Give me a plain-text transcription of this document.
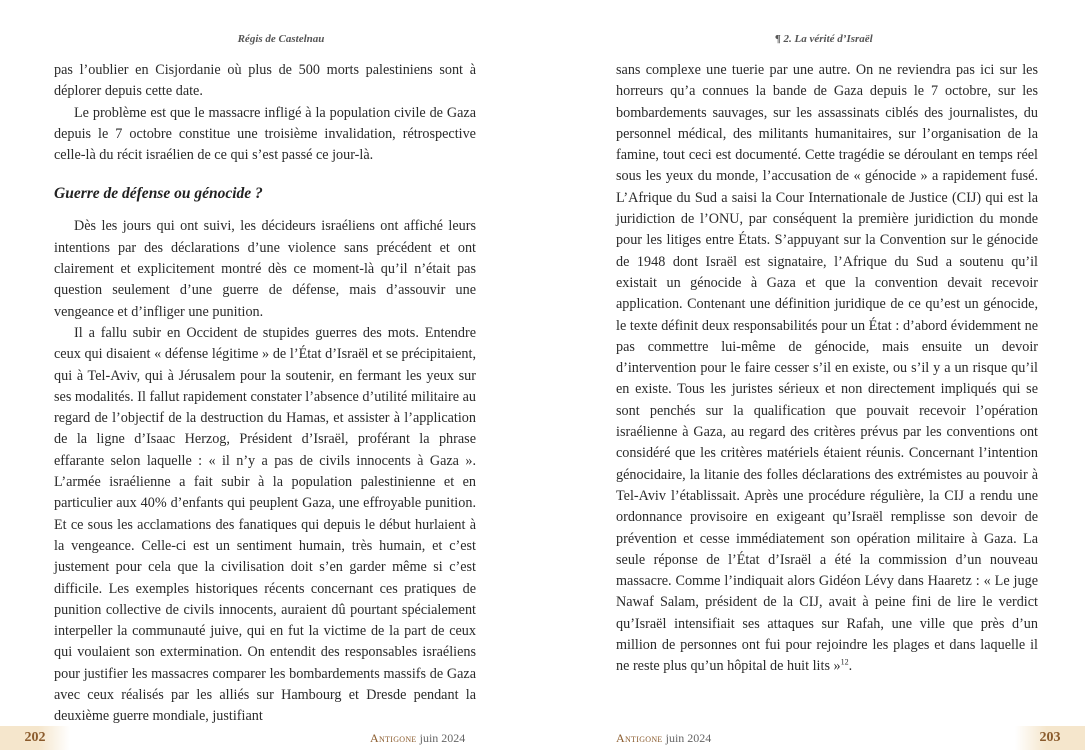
Régis de Castelnau

pas l’oublier en Cisjordanie où plus de 500 morts palestiniens sont à déplorer depuis cette date.

Le problème est que le massacre infligé à la population civile de Gaza depuis le 7 octobre constitue une troisième invalidation, rétrospective celle-là du récit israélien de ce qui s’est passé ce jour-là.

Guerre de défense ou génocide ?

Dès les jours qui ont suivi, les décideurs israéliens ont affiché leurs intentions par des déclarations d’une violence sans précédent et ont clairement et explicitement montré dès ce moment-là qu’il n’était pas question seulement d’une guerre de défense, mais d’assouvir une vengeance et d’infliger une punition.

Il a fallu subir en Occident de stupides guerres des mots. Entendre ceux qui disaient « défense légitime » de l’État d’Israël et se précipitaient, qui à Tel-Aviv, qui à Jérusalem pour la soutenir, en fermant les yeux sur ses modalités. Il fallut rapidement constater l’absence d’utilité militaire au regard de l’objectif de la destruction du Hamas, et assister à l’application de la ligne d’Isaac Herzog, Président d’Israël, proférant la phrase effarante selon laquelle : « il n’y a pas de civils innocents à Gaza ». L’armée israélienne a fait subir à la population palestinienne et en particulier aux 40% d’enfants qui peuplent Gaza, une effroyable punition. Et ce sous les acclamations des fanatiques qui depuis le début hurlaient à la vengeance. Celle-ci est un sentiment humain, très humain, et c’est justement pour cela que la civilisation doit s’en garder même si c’est difficile. Les exemples historiques récents concernant ces pratiques de punition collective de civils innocents, auraient dû pourtant spécialement interpeller la communauté juive, qui en fut la victime de la part de ceux qui voulaient son extermination. On entendit des responsables israéliens pour justifier les massacres comparer les bombardements massifs de Gaza avec ceux réalisés par les alliés sur Hambourg et Dresde pendant la deuxième guerre mondiale, justifiant

202	Antigone juin 2024
¶ 2. La vérité d’Israël

sans complexe une tuerie par une autre. On ne reviendra pas ici sur les horreurs qu’a connues la bande de Gaza depuis le 7 octobre, sur les bombardements sauvages, sur les assassinats ciblés des journalistes, du personnel médical, des militants humanitaires, sur l’organisation de la famine, tout ceci est documenté. Cette tragédie se déroulant en temps réel sous les yeux du monde, l’accusation de « génocide » a rapidement fusé. L’Afrique du Sud a saisi la Cour Internationale de Justice (CIJ) qui est la juridiction de l’ONU, par conséquent la première juridiction du monde pour les litiges entre États. S’appuyant sur la Convention sur le génocide de 1948 dont Israël est signataire, l’Afrique du Sud a soutenu qu’il existait un génocide à Gaza et que la convention devait recevoir application. Contenant une définition juridique de ce qu’est un génocide, le texte définit deux responsabilités pour un État : d’abord évidemment ne pas commettre lui-même de génocide, mais ensuite un devoir d’intervention pour le faire cesser s’il en existe, ou s’il y a un risque qu’il en existe. Tous les juristes sérieux et non directement impliqués qui se sont penchés sur la qualification que pouvait recevoir l’opération israélienne à Gaza, au regard des critères prévus par les conventions ont considéré que les critères matériels étaient réunis. Concernant l’intention génocidaire, la litanie des folles déclarations des extrémistes au pouvoir à Tel-Aviv l’établissait. Après une procédure régulière, la CIJ a rendu une ordonnance provisoire en exigeant qu’Israël remplisse son devoir de prévention et cesse immédiatement son opération militaire à Gaza. La seule réponse de l’État d’Israël a été la commission d’un nouveau massacre. Comme l’indiquait alors Gidéon Lévy dans Haaretz : « Le juge Nawaf Salam, président de la CIJ, avait à peine fini de lire le verdict qu’Israël intensifiait ses attaques sur Rafah, une ville que près d’un million de personnes ont fui pour rejoindre les plages et dans laquelle il ne reste plus qu’un hôpital de huit lits »$^{12}$.

Antigone juin 2024	203
